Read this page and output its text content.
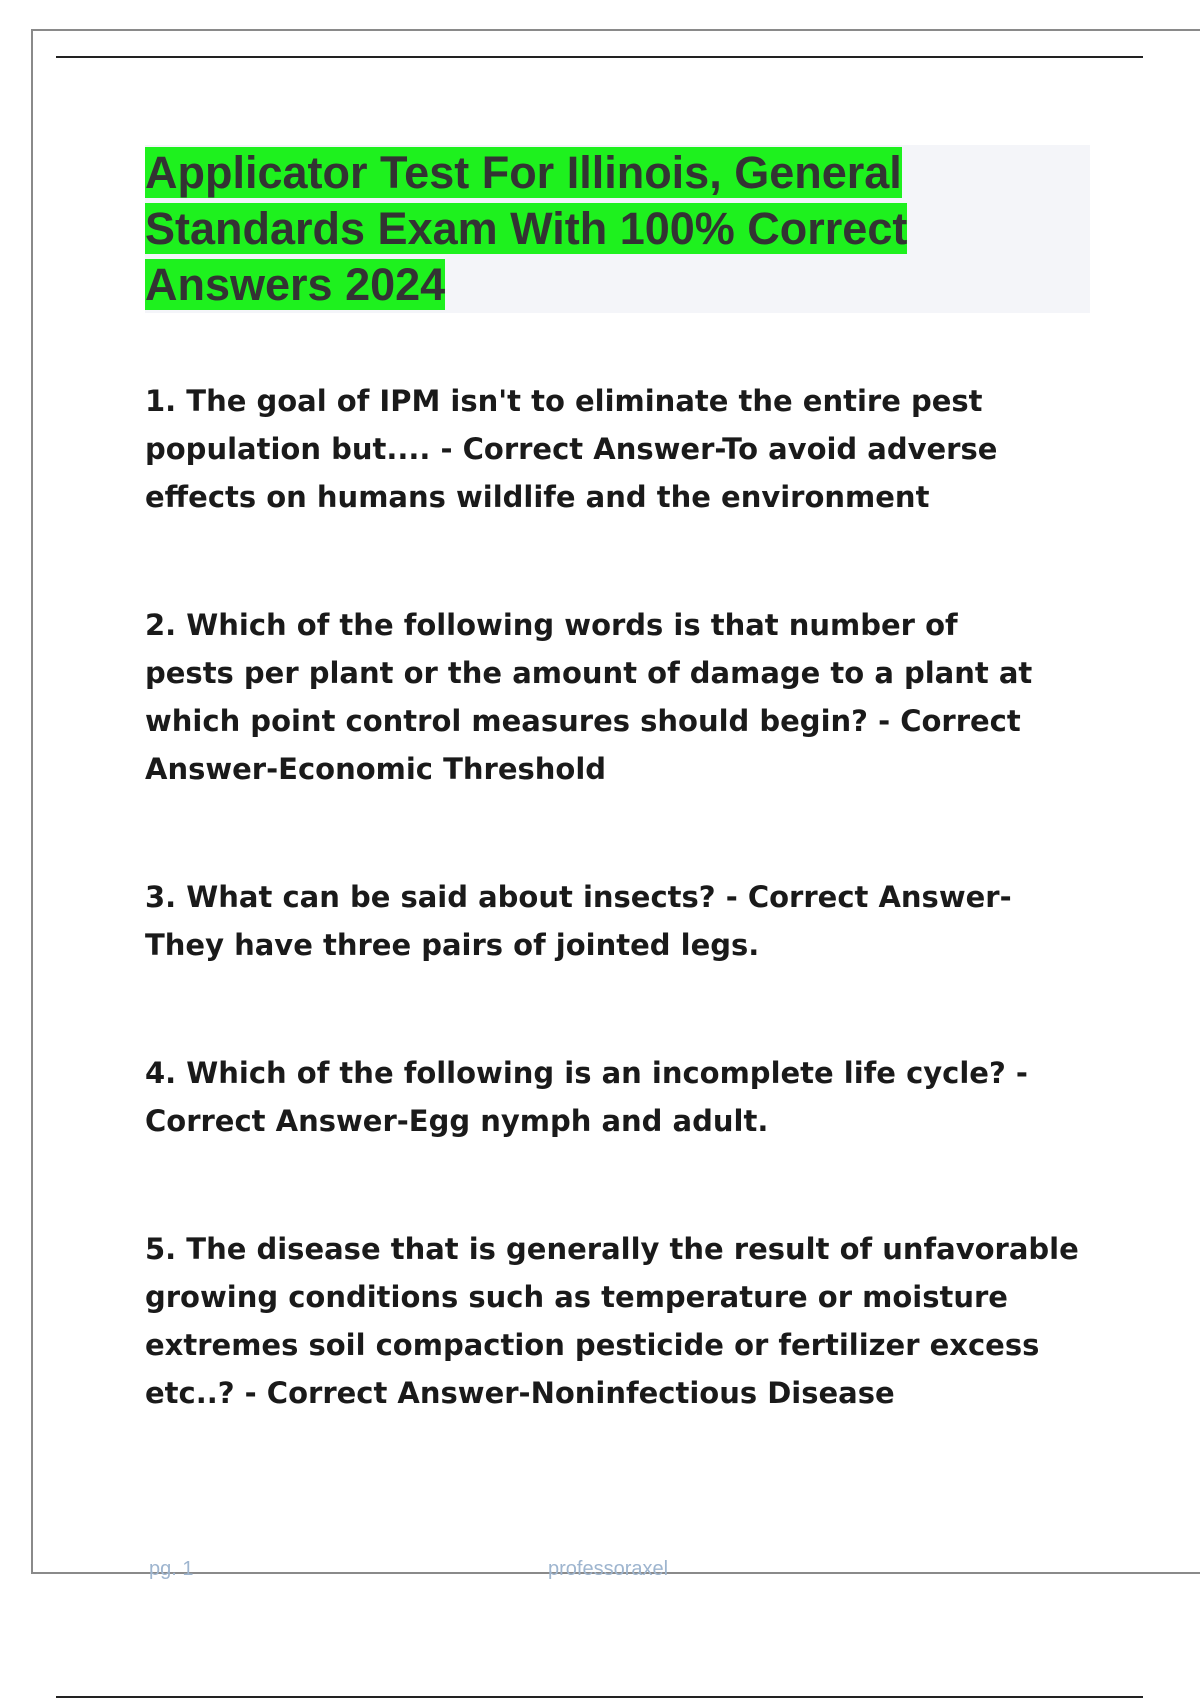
Applicator Test For Illinois, General
Standards Exam With 100% Correct
Answers 2024

1. The goal of IPM isn't to eliminate the entire pest population but.... - Correct Answer-To avoid adverse effects on humans wildlife and the environment

2. Which of the following words is that number of pests per plant or the amount of damage to a plant at which point control measures should begin? - Correct Answer-Economic Threshold

3. What can be said about insects? - Correct Answer-They have three pairs of jointed legs.

4. Which of the following is an incomplete life cycle? - Correct Answer-Egg nymph and adult.

5. The disease that is generally the result of unfavorable growing conditions such as temperature or moisture extremes soil compaction pesticide or fertilizer excess etc..? - Correct Answer-Noninfectious Disease

pg. 1	professoraxel
